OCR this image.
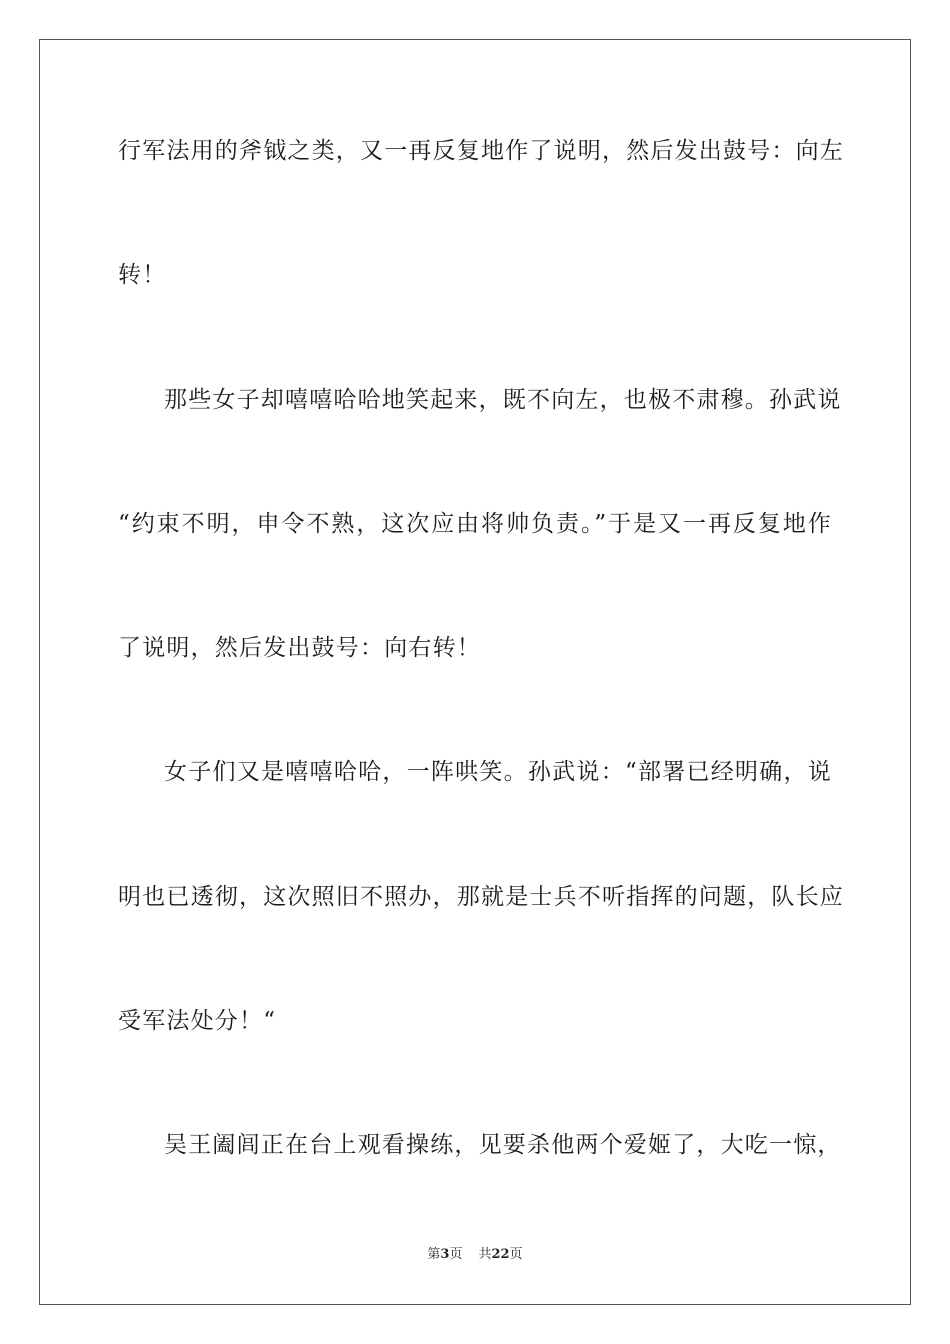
行军法用的斧钺之类，又一再反复地作了说明，然后发出鼓号：向左
转！
那些女子却嘻嘻哈哈地笑起来，既不向左，也极不肃穆。孙武说
“约束不明，申令不熟，这次应由将帅负责。”于是又一再反复地作
了说明，然后发出鼓号：向右转！
女子们又是嘻嘻哈哈，一阵哄笑。孙武说：“部署已经明确，说
明也已透彻，这次照旧不照办，那就是士兵不听指挥的问题，队长应
受军法处分！“
吴王阖闾正在台上观看操练，见要杀他两个爱姬了，大吃一惊，
第3页 共22页
